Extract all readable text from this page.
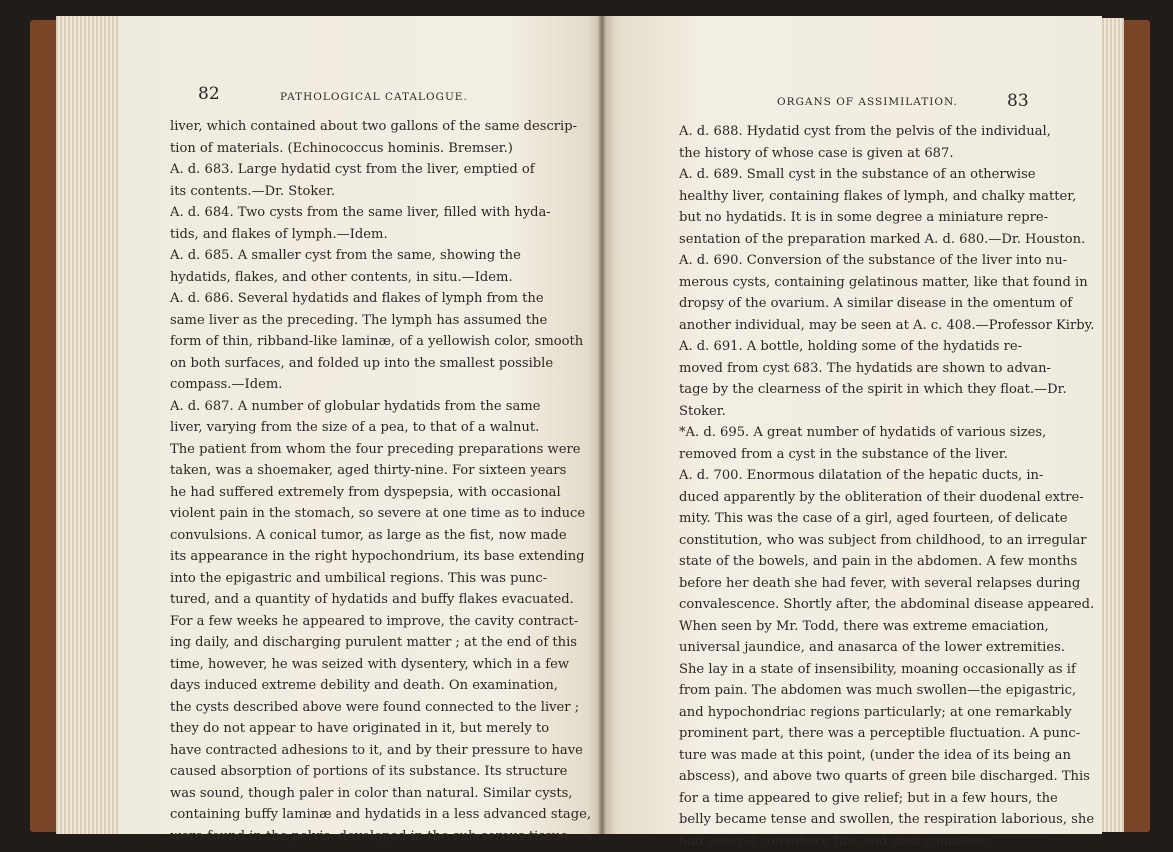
82	PATHOLOGICAL CATALOGUE.
liver, which contained about two gallons of the same descrip-
tion of materials. (Echinococcus hominis. Bremser.)
A. d. 683. Large hydatid cyst from the liver, emptied of
its contents.—Dr. Stoker.
A. d. 684. Two cysts from the same liver, filled with hyda-
tids, and flakes of lymph.—Idem.
A. d. 685. A smaller cyst from the same, showing the
hydatids, flakes, and other contents, in situ.—Idem.
A. d. 686. Several hydatids and flakes of lymph from the
same liver as the preceding. The lymph has assumed the
form of thin, ribband-like laminæ, of a yellowish color, smooth
on both surfaces, and folded up into the smallest possible
compass.—Idem.
A. d. 687. A number of globular hydatids from the same
liver, varying from the size of a pea, to that of a walnut.
The patient from whom the four preceding preparations were
taken, was a shoemaker, aged thirty-nine. For sixteen years
he had suffered extremely from dyspepsia, with occasional
violent pain in the stomach, so severe at one time as to induce
convulsions. A conical tumor, as large as the fist, now made
its appearance in the right hypochondrium, its base extending
into the epigastric and umbilical regions. This was punc-
tured, and a quantity of hydatids and buffy flakes evacuated.
For a few weeks he appeared to improve, the cavity contract-
ing daily, and discharging purulent matter ; at the end of this
time, however, he was seized with dysentery, which in a few
days induced extreme debility and death. On examination,
the cysts described above were found connected to the liver ;
they do not appear to have originated in it, but merely to
have contracted adhesions to it, and by their pressure to have
caused absorption of portions of its substance. Its structure
was sound, though paler in color than natural. Similar cysts,
containing buffy laminæ and hydatids in a less advanced stage,
were found in the pelvis, developed in the sub-serous tissue.
ORGANS OF ASSIMILATION.	83
A. d. 688. Hydatid cyst from the pelvis of the individual,
the history of whose case is given at 687.
A. d. 689. Small cyst in the substance of an otherwise
healthy liver, containing flakes of lymph, and chalky matter,
but no hydatids. It is in some degree a miniature repre-
sentation of the preparation marked A. d. 680.—Dr. Houston.
A. d. 690. Conversion of the substance of the liver into nu-
merous cysts, containing gelatinous matter, like that found in
dropsy of the ovarium. A similar disease in the omentum of
another individual, may be seen at A. c. 408.—Professor Kirby.
A. d. 691. A bottle, holding some of the hydatids re-
moved from cyst 683. The hydatids are shown to advan-
tage by the clearness of the spirit in which they float.—Dr.
Stoker.
*A. d. 695. A great number of hydatids of various sizes,
removed from a cyst in the substance of the liver.
A. d. 700. Enormous dilatation of the hepatic ducts, in-
duced apparently by the obliteration of their duodenal extre-
mity. This was the case of a girl, aged fourteen, of delicate
constitution, who was subject from childhood, to an irregular
state of the bowels, and pain in the abdomen. A few months
before her death she had fever, with several relapses during
convalescence. Shortly after, the abdominal disease appeared.
When seen by Mr. Todd, there was extreme emaciation,
universal jaundice, and anasarca of the lower extremities.
She lay in a state of insensibility, moaning occasionally as if
from pain. The abdomen was much swollen—the epigastric,
and hypochondriac regions particularly; at one remarkably
prominent part, there was a perceptible fluctuation. A punc-
ture was made at this point, (under the idea of its being an
abscess), and above two quarts of green bile discharged. This
for a time appeared to give relief; but in a few hours, the
belly became tense and swollen, the respiration laborious, she
had several convulsive fits, and died comatose.
